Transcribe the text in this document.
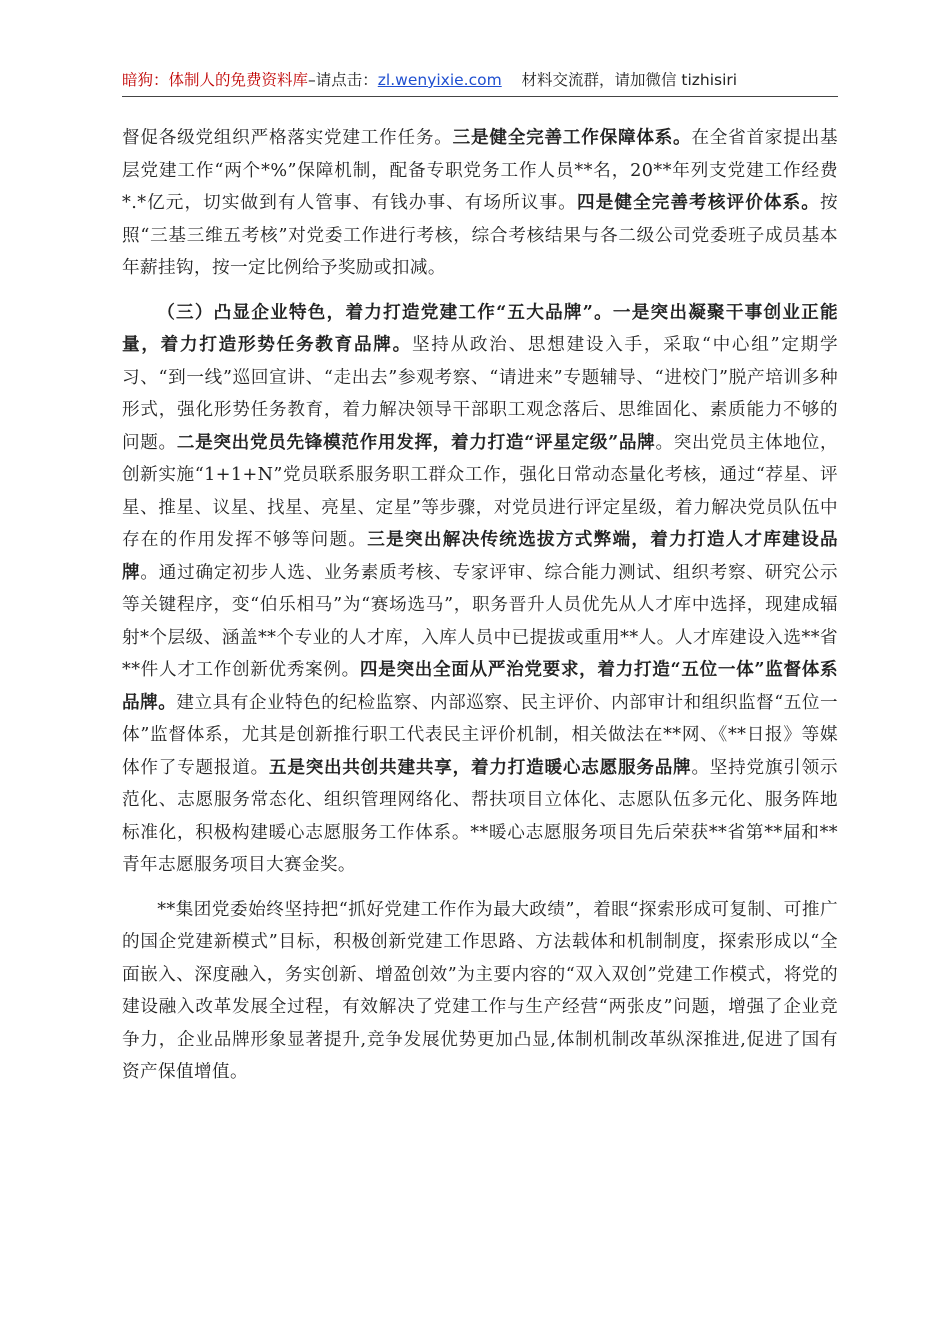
暗狗：体制人的免费资料库–请点击：zl.wenyixie.com 材料交流群，请加微信 tizhisiri

督促各级党组织严格落实党建工作任务。三是健全完善工作保障体系。在全省首家提出基层党建工作“两个*%”保障机制，配备专职党务工作人员**名，20**年列支党建工作经费*.*亿元，切实做到有人管事、有钱办事、有场所议事。四是健全完善考核评价体系。按照“三基三维五考核”对党委工作进行考核，综合考核结果与各二级公司党委班子成员基本年薪挂钩，按一定比例给予奖励或扣减。

（三）凸显企业特色，着力打造党建工作“五大品牌”。一是突出凝聚干事创业正能量，着力打造形势任务教育品牌。坚持从政治、思想建设入手，采取“中心组”定期学习、“到一线”巡回宣讲、“走出去”参观考察、“请进来”专题辅导、“进校门”脱产培训多种形式，强化形势任务教育，着力解决领导干部职工观念落后、思维固化、素质能力不够的问题。二是突出党员先锋模范作用发挥，着力打造“评星定级”品牌。突出党员主体地位，创新实施“1+1+N”党员联系服务职工群众工作，强化日常动态量化考核，通过“荐星、评星、推星、议星、找星、亮星、定星”等步骤，对党员进行评定星级，着力解决党员队伍中存在的作用发挥不够等问题。三是突出解决传统选拔方式弊端，着力打造人才库建设品牌。通过确定初步人选、业务素质考核、专家评审、综合能力测试、组织考察、研究公示等关键程序，变“伯乐相马”为“赛场选马”，职务晋升人员优先从人才库中选择，现建成辐射*个层级、涵盖**个专业的人才库，入库人员中已提拔或重用**人。人才库建设入选**省**件人才工作创新优秀案例。四是突出全面从严治党要求，着力打造“五位一体”监督体系品牌。建立具有企业特色的纪检监察、内部巡察、民主评价、内部审计和组织监督“五位一体”监督体系，尤其是创新推行职工代表民主评价机制，相关做法在**网、《**日报》等媒体作了专题报道。五是突出共创共建共享，着力打造暖心志愿服务品牌。坚持党旗引领示范化、志愿服务常态化、组织管理网络化、帮扶项目立体化、志愿队伍多元化、服务阵地标准化，积极构建暖心志愿服务工作体系。**暖心志愿服务项目先后荣获**省第**届和**青年志愿服务项目大赛金奖。

**集团党委始终坚持把“抓好党建工作作为最大政绩”，着眼“探索形成可复制、可推广的国企党建新模式”目标，积极创新党建工作思路、方法载体和机制制度，探索形成以“全面嵌入、深度融入，务实创新、增盈创效”为主要内容的“双入双创”党建工作模式，将党的建设融入改革发展全过程，有效解决了党建工作与生产经营“两张皮”问题，增强了企业竞争力，企业品牌形象显著提升,竞争发展优势更加凸显,体制机制改革纵深推进,促进了国有资产保值增值。
